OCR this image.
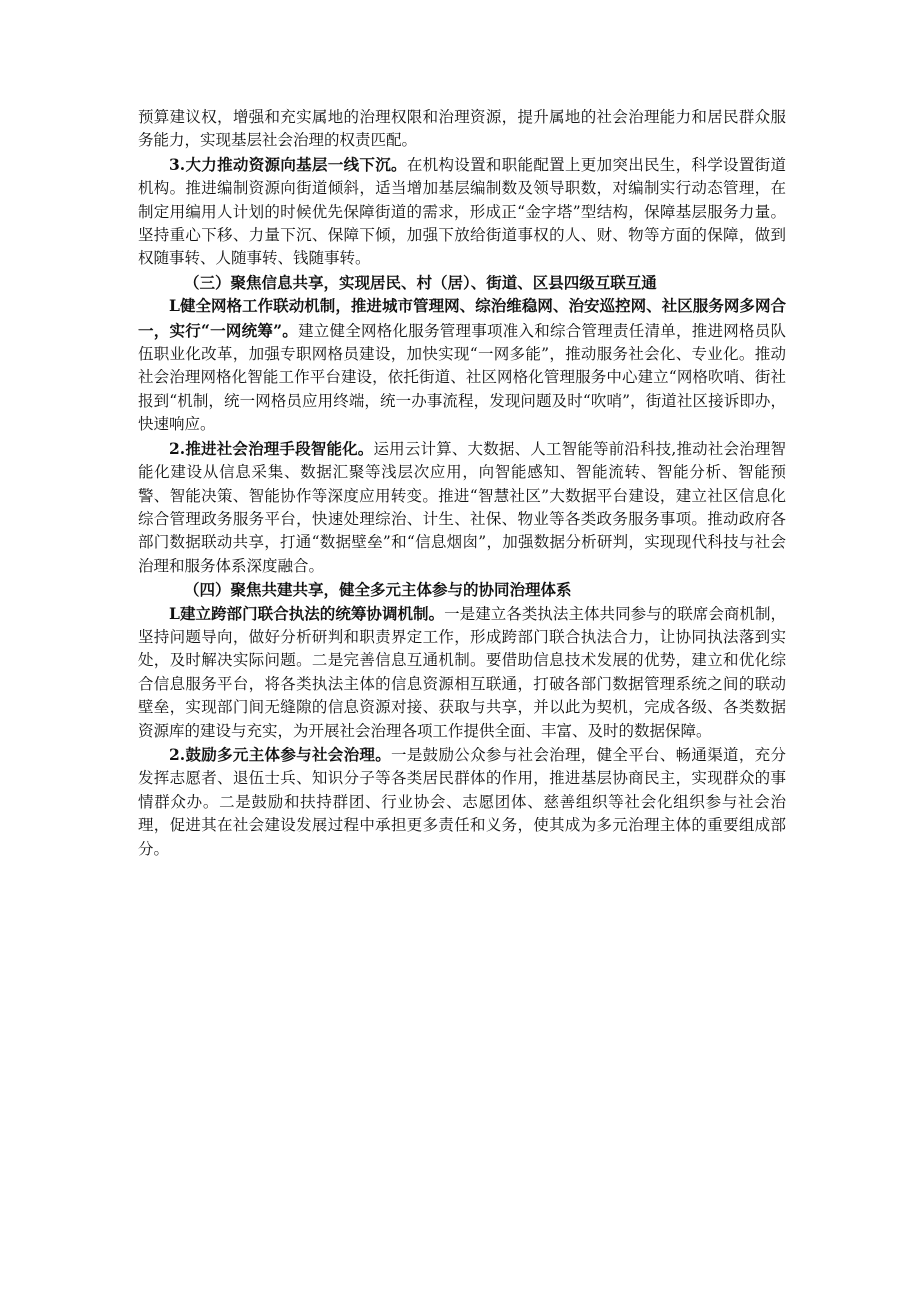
预算建议权，增强和充实属地的治理权限和治理资源，提升属地的社会治理能力和居民群众服务能力，实现基层社会治理的权责匹配。

3.大力推动资源向基层一线下沉。在机构设置和职能配置上更加突出民生，科学设置街道机构。推进编制资源向街道倾斜，适当增加基层编制数及领导职数，对编制实行动态管理，在制定用编用人计划的时候优先保障街道的需求，形成正“金字塔”型结构，保障基层服务力量。坚持重心下移、力量下沉、保障下倾，加强下放给街道事权的人、财、物等方面的保障，做到权随事转、人随事转、钱随事转。

（三）聚焦信息共享，实现居民、村（居）、街道、区县四级互联互通

L健全网格工作联动机制，推进城市管理网、综治维稳网、治安巡控网、社区服务网多网合一，实行“一网统筹”。建立健全网格化服务管理事项准入和综合管理责任清单，推进网格员队伍职业化改革，加强专职网格员建设，加快实现“一网多能”，推动服务社会化、专业化。推动社会治理网格化智能工作平台建设，依托街道、社区网格化管理服务中心建立“网格吹哨、街社报到“机制，统一网格员应用终端，统一办事流程，发现问题及时“吹哨”，街道社区接诉即办，快速响应。

2.推进社会治理手段智能化。运用云计算、大数据、人工智能等前沿科技,推动社会治理智能化建设从信息采集、数据汇聚等浅层次应用，向智能感知、智能流转、智能分析、智能预警、智能决策、智能协作等深度应用转变。推进“智慧社区”大数据平台建设，建立社区信息化综合管理政务服务平台，快速处理综治、计生、社保、物业等各类政务服务事项。推动政府各部门数据联动共享，打通“数据壁垒”和“信息烟囱”，加强数据分析研判，实现现代科技与社会治理和服务体系深度融合。

（四）聚焦共建共享，健全多元主体参与的协同治理体系

L建立跨部门联合执法的统筹协调机制。一是建立各类执法主体共同参与的联席会商机制，坚持问题导向，做好分析研判和职责界定工作，形成跨部门联合执法合力，让协同执法落到实处，及时解决实际问题。二是完善信息互通机制。要借助信息技术发展的优势，建立和优化综合信息服务平台，将各类执法主体的信息资源相互联通，打破各部门数据管理系统之间的联动壁垒，实现部门间无缝隙的信息资源对接、获取与共享，并以此为契机，完成各级、各类数据资源库的建设与充实，为开展社会治理各项工作提供全面、丰富、及时的数据保障。

2.鼓励多元主体参与社会治理。一是鼓励公众参与社会治理，健全平台、畅通渠道，充分发挥志愿者、退伍士兵、知识分子等各类居民群体的作用，推进基层协商民主，实现群众的事情群众办。二是鼓励和扶持群团、行业协会、志愿团体、慈善组织等社会化组织参与社会治理，促进其在社会建设发展过程中承担更多责任和义务，使其成为多元治理主体的重要组成部分。
